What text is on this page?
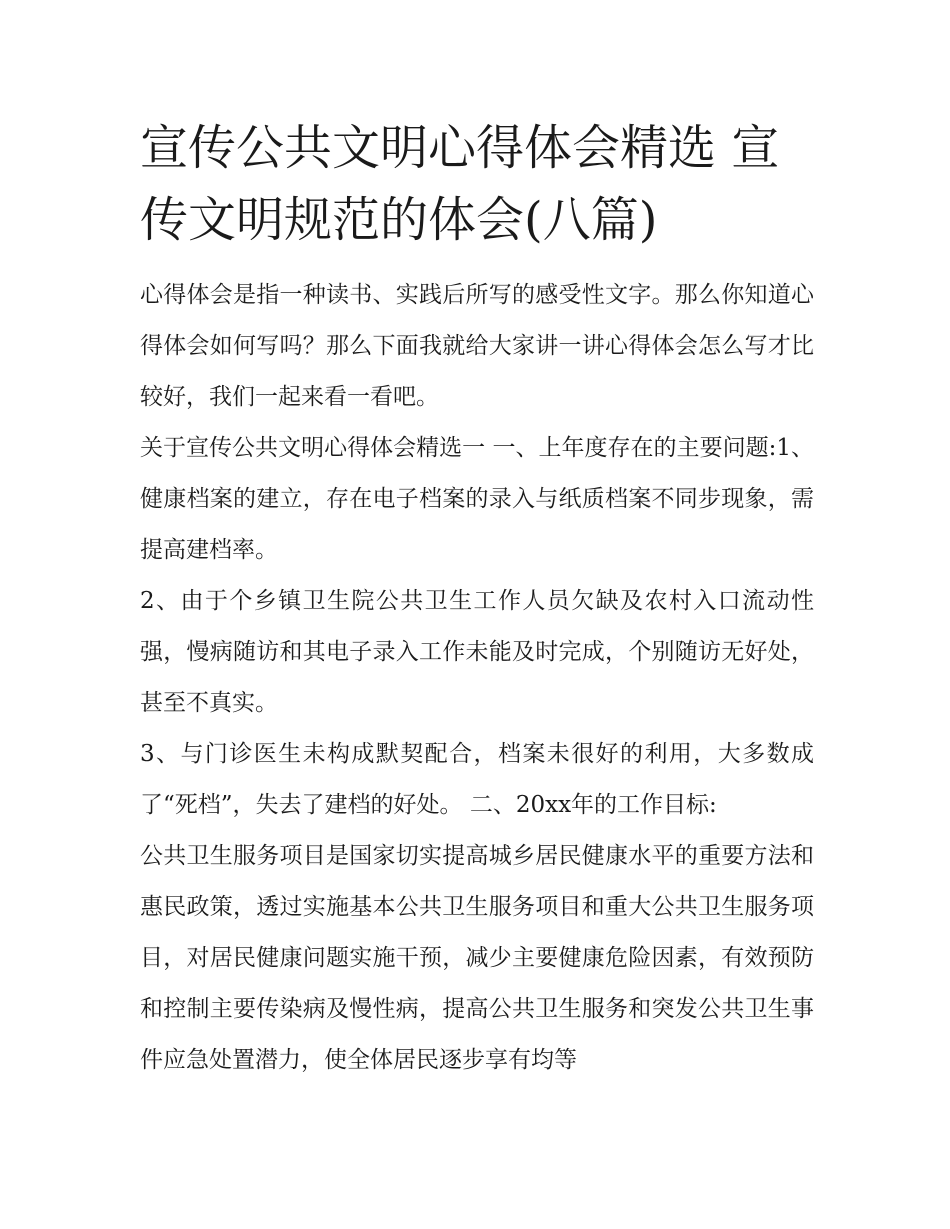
宣传公共文明心得体会精选 宣传文明规范的体会(八篇)

心得体会是指一种读书、实践后所写的感受性文字。那么你知道心得体会如何写吗？那么下面我就给大家讲一讲心得体会怎么写才比较好，我们一起来看一看吧。

关于宣传公共文明心得体会精选一 一、上年度存在的主要问题:1、健康档案的建立，存在电子档案的录入与纸质档案不同步现象，需提高建档率。

2、由于个乡镇卫生院公共卫生工作人员欠缺及农村入口流动性强，慢病随访和其电子录入工作未能及时完成，个别随访无好处，甚至不真实。

3、与门诊医生未构成默契配合，档案未很好的利用，大多数成了“死档”，失去了建档的好处。 二、20xx年的工作目标:

公共卫生服务项目是国家切实提高城乡居民健康水平的重要方法和惠民政策，透过实施基本公共卫生服务项目和重大公共卫生服务项目，对居民健康问题实施干预，减少主要健康危险因素，有效预防和控制主要传染病及慢性病，提高公共卫生服务和突发公共卫生事件应急处置潜力，使全体居民逐步享有均等
